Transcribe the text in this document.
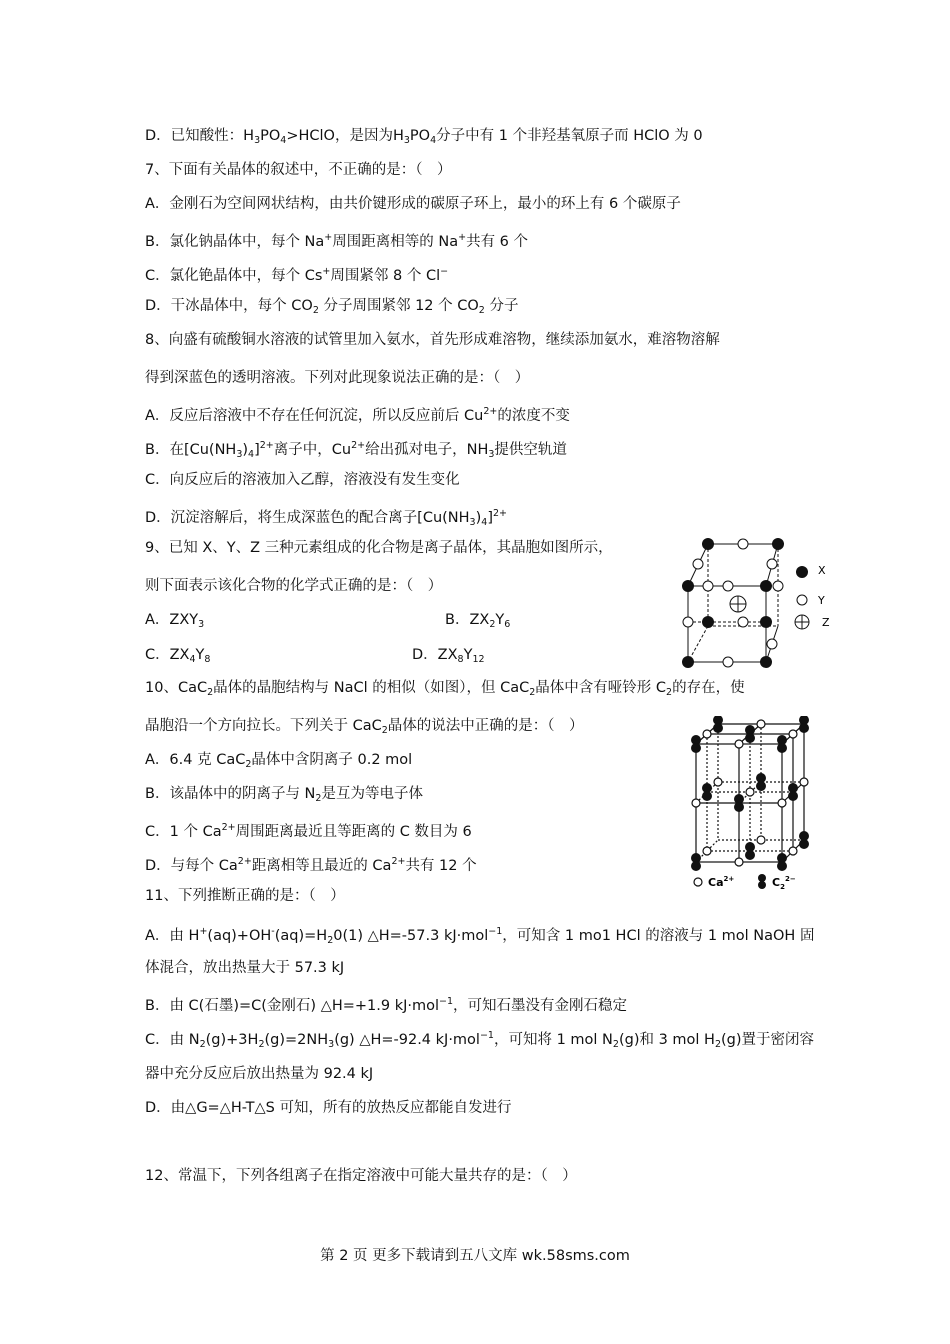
D．已知酸性：$H_3PO_4>HClO$，是因为$H_3PO_4$分子中有 1 个非羟基氧原子而 HClO 为 0
7、下面有关晶体的叙述中，不正确的是：（　）
A．金刚石为空间网状结构，由共价键形成的碳原子环上，最小的环上有 6 个碳原子
B．氯化钠晶体中，每个 Na+周围距离相等的 Na+共有 6 个
C．氯化铯晶体中，每个 Cs+周围紧邻 8 个 Cl−
D．干冰晶体中，每个 $CO_2$ 分子周围紧邻 12 个 $CO_2$ 分子
8、向盛有硫酸铜水溶液的试管里加入氨水，首先形成难溶物，继续添加氨水，难溶物溶解
得到深蓝色的透明溶液。下列对此现象说法正确的是：（　）
A．反应后溶液中不存在任何沉淀，所以反应前后 $Cu^{2+}$的浓度不变
B．在$[Cu(NH_3)_4]^{2+}$离子中，$Cu^{2+}$给出孤对电子，$NH_3$提供空轨道
C．向反应后的溶液加入乙醇，溶液没有发生变化
D．沉淀溶解后，将生成深蓝色的配合离子$[Cu(NH_3)_4]^{2+}$
9、已知 X、Y、Z 三种元素组成的化合物是离子晶体，其晶胞如图所示，
则下面表示该化合物的化学式正确的是：（　）
A．$ZXY_3$	B．$ZX_2Y_6$
C．$ZX_4Y_8$	D．$ZX_8Y_{12}$
10、CaC$_2$晶体的晶胞结构与 NaCl 的相似（如图），但 CaC$_2$晶体中含有哑铃形 $C_2$的存在，使
晶胞沿一个方向拉长。下列关于 CaC$_2$晶体的说法中正确的是：（　）
A．6.4 克 CaC$_2$晶体中含阴离子 0.2 mol
B．该晶体中的阴离子与 $N_2$是互为等电子体
C．1 个 $Ca^{2+}$周围距离最近且等距离的 C 数目为 6
D．与每个 $Ca^{2+}$距离相等且最近的 $Ca^{2+}$共有 12 个
11、下列推断正确的是：（　）
A．由 $H^+(aq)+OH^-(aq)=H_20(1)$ △H=-57.3 kJ·mol$^{-1}$，可知含 1 mo1 HCl 的溶液与 1 mol NaOH 固
体混合，放出热量大于 57.3 kJ
B．由 C(石墨)=C(金刚石) △H=+1.9 kJ·mol$^{-1}$，可知石墨没有金刚石稳定
C．由 $N_2(g)+3H_2(g)=2NH_3(g)$ △H=-92.4 kJ·mol$^{-1}$，可知将 1 mol $N_2(g)$和 3 mol $H_2(g)$置于密闭容
器中充分反应后放出热量为 92.4 kJ
D．由△G=△H-T△S 可知，所有的放热反应都能自发进行
12、常温下，下列各组离子在指定溶液中可能大量共存的是：（　）
X
Y
Z
$Ca^{2+}$	$C_2^{2-}$
第 2 页 更多下载请到五八文库 wk.58sms.com
